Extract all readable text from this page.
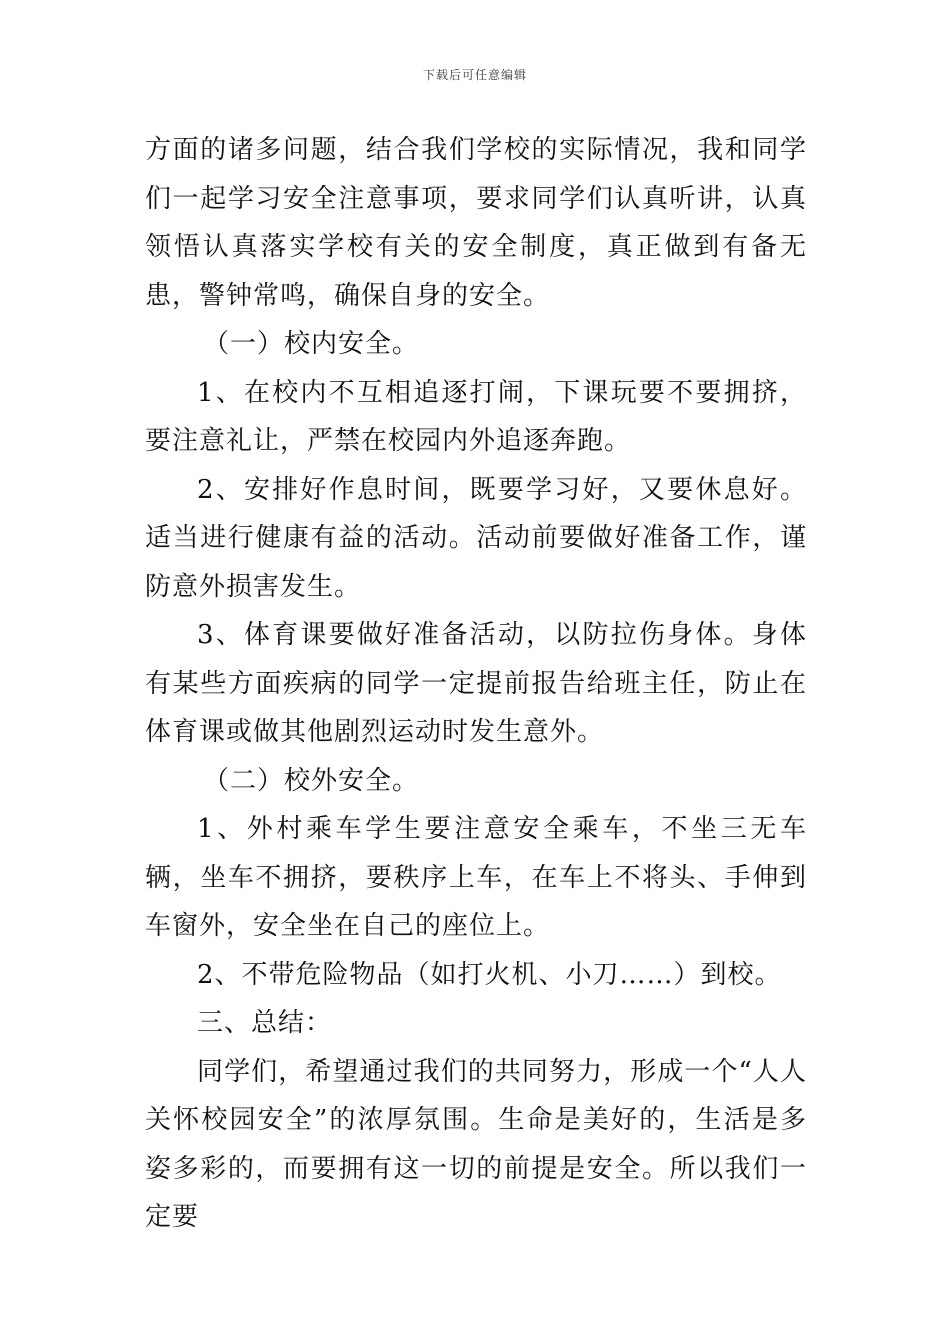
下载后可任意编辑

方面的诸多问题，结合我们学校的实际情况，我和同学们一起学习安全注意事项，要求同学们认真听讲，认真领悟认真落实学校有关的安全制度，真正做到有备无患，警钟常鸣，确保自身的安全。

（一）校内安全。

1、在校内不互相追逐打闹，下课玩要不要拥挤，要注意礼让，严禁在校园内外追逐奔跑。

2、安排好作息时间，既要学习好，又要休息好。适当进行健康有益的活动。活动前要做好准备工作，谨防意外损害发生。

3、体育课要做好准备活动，以防拉伤身体。身体有某些方面疾病的同学一定提前报告给班主任，防止在体育课或做其他剧烈运动时发生意外。

（二）校外安全。

1、外村乘车学生要注意安全乘车，不坐三无车辆，坐车不拥挤，要秩序上车，在车上不将头、手伸到车窗外，安全坐在自己的座位上。

2、不带危险物品（如打火机、小刀……）到校。

三、总结：

同学们，希望通过我们的共同努力，形成一个“人人关怀校园安全”的浓厚氛围。生命是美好的，生活是多姿多彩的，而要拥有这一切的前提是安全。所以我们一定要
